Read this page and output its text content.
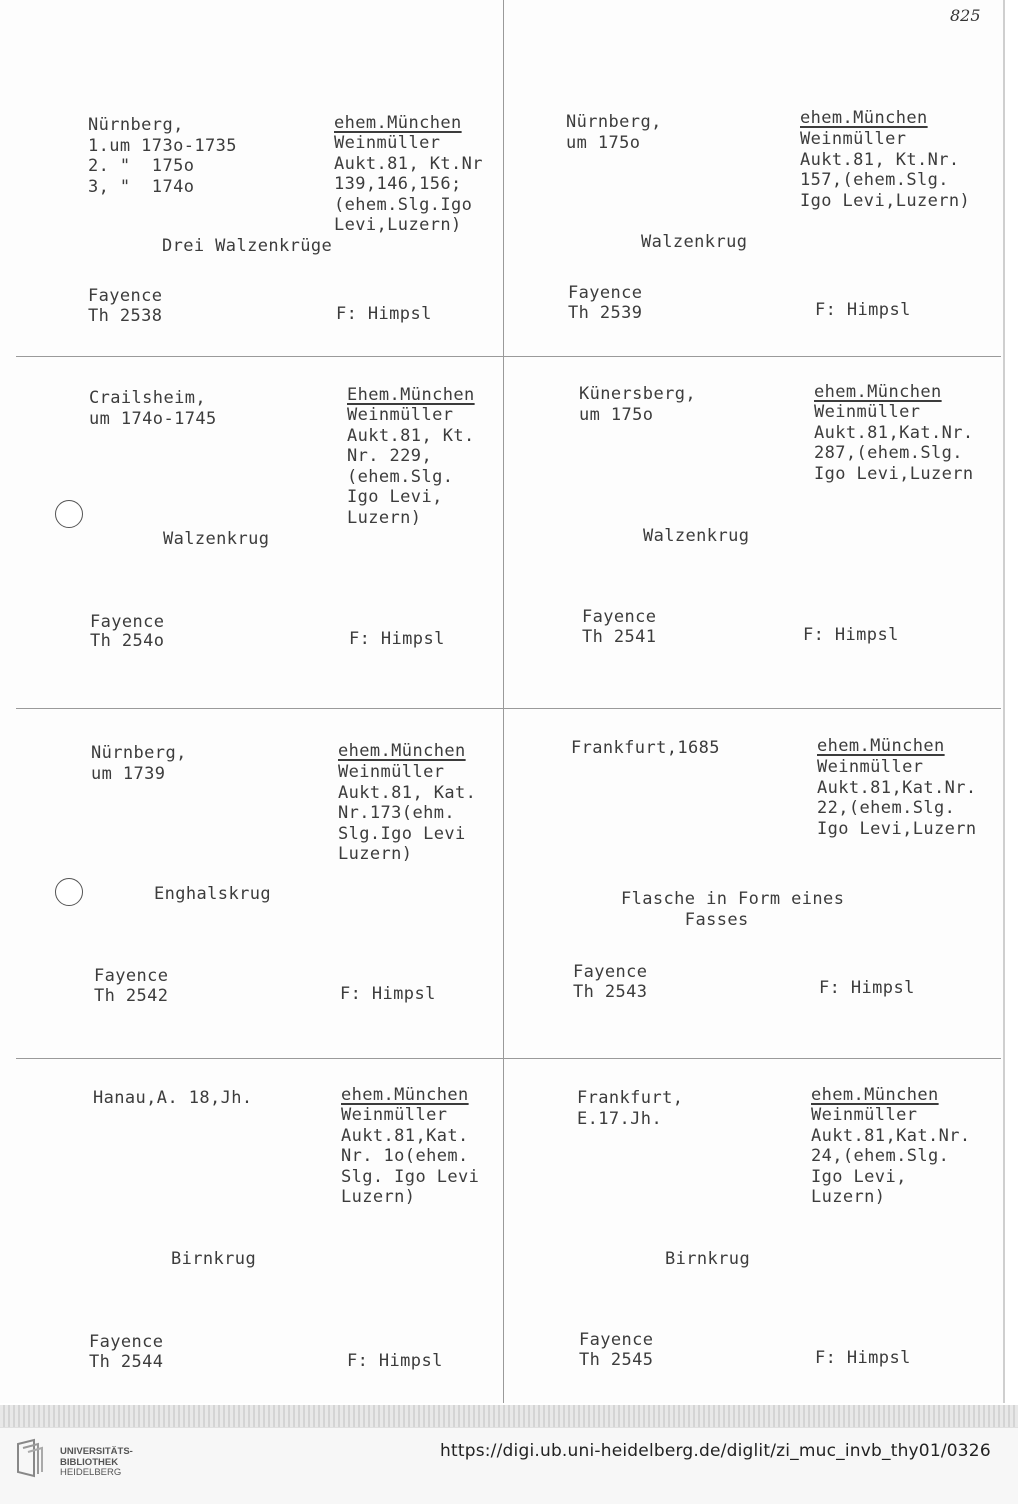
825
Nürnberg,
1.um 173o-1735
2. "  175o
3, "  174o
ehem.München
Weinmüller
Aukt.81, Kt.Nr
139,146,156;
(ehem.Slg.Igo
Levi,Luzern)
Drei Walzenkrüge
Fayence
Th 2538	F: Himpsl
Nürnberg,
um 175o
ehem.München
Weinmüller
Aukt.81, Kt.Nr.
157,(ehem.Slg.
Igo Levi,Luzern)
Walzenkrug
Fayence
Th 2539	F: Himpsl
Crailsheim,
um 174o-1745
Ehem.München
Weinmüller
Aukt.81, Kt.
Nr. 229,
(ehem.Slg.
Igo Levi,
Luzern)
Walzenkrug
Fayence
Th 254o	F: Himpsl
Künersberg,
um 175o
ehem.München
Weinmüller
Aukt.81,Kat.Nr.
287,(ehem.Slg.
Igo Levi,Luzern
Walzenkrug
Fayence
Th 2541	F: Himpsl
Nürnberg,
um 1739
ehem.München
Weinmüller
Aukt.81, Kat.
Nr.173(ehm.
Slg.Igo Levi
Luzern)
Enghalskrug
Fayence
Th 2542	F: Himpsl
Frankfurt,1685	ehem.München
Weinmüller
Aukt.81,Kat.Nr.
22,(ehem.Slg.
Igo Levi,Luzern
Flasche in Form eines
Fasses
Fayence
Th 2543	F: Himpsl
Hanau,A. 18,Jh.	ehem.München
Weinmüller
Aukt.81,Kat.
Nr. 1o(ehem.
Slg. Igo Levi
Luzern)
Birnkrug
Fayence
Th 2544	F: Himpsl
Frankfurt,
E.17.Jh.
ehem.München
Weinmüller
Aukt.81,Kat.Nr.
24,(ehem.Slg.
Igo Levi,
Luzern)
Birnkrug
Fayence
Th 2545	F: Himpsl
UNIVERSITÄTS-
BIBLIOTHEK
HEIDELBERG
https://digi.ub.uni-heidelberg.de/diglit/zi_muc_invb_thy01/0326
